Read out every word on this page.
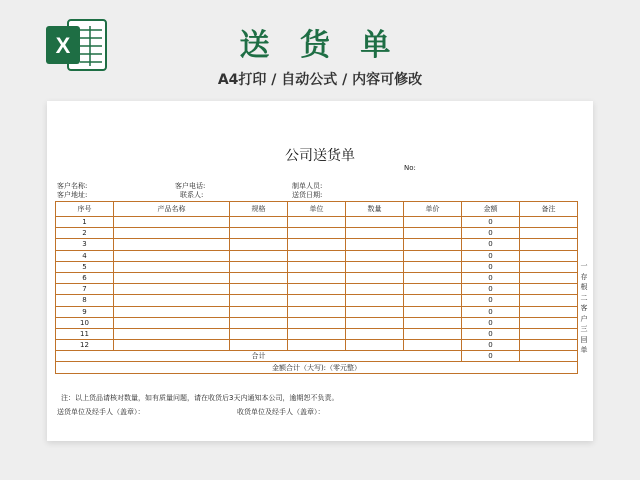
X	送 货 单
A4打印 / 自动公式 / 内容可修改
公司送货单
No:
客户名称:
客户地址:
客户电话:
联系人:
制单人员:
送货日期:
序号	产品名称	规格	单位	数量	单价	金额	备注
1						0	
2						0	
3						0	
4						0	
5						0	
6						0	
7						0	
8						0	
9						0	
10						0	
11						0	
12						0	
合计						0	
金额合计（大写):（零元整）							
一
存
根
二
客
户
三
回
单
注：以上货品请核对数量，如有质量问题，请在收货后3天内通知本公司，逾期恕不负责。
送货单位及经手人（盖章）：	收货单位及经手人（盖章）：
